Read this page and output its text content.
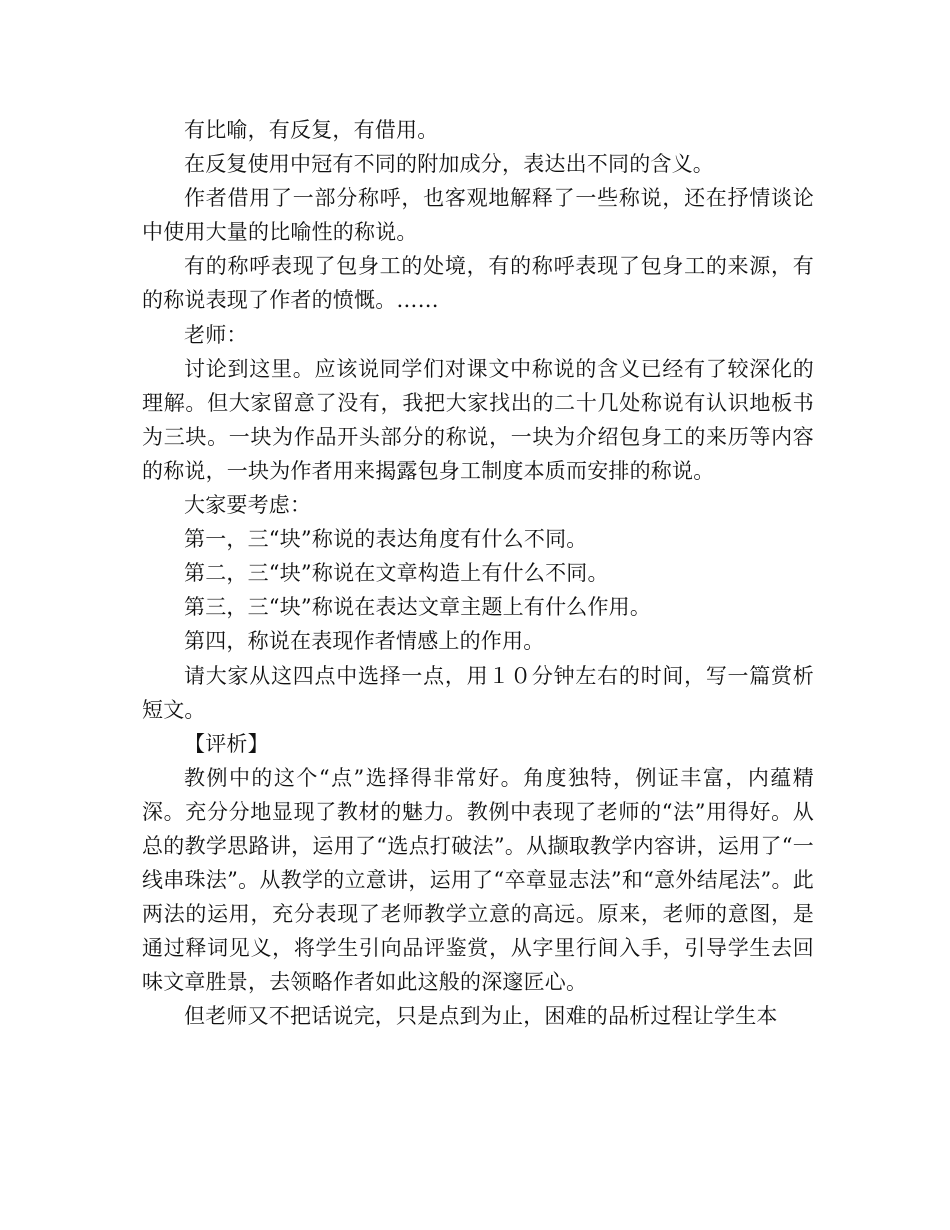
有比喻，有反复，有借用。

在反复使用中冠有不同的附加成分，表达出不同的含义。

作者借用了一部分称呼，也客观地解释了一些称说，还在抒情谈论中使用大量的比喻性的称说。

有的称呼表现了包身工的处境，有的称呼表现了包身工的来源，有的称说表现了作者的愤慨。……

老师：

讨论到这里。应该说同学们对课文中称说的含义已经有了较深化的理解。但大家留意了没有，我把大家找出的二十几处称说有认识地板书为三块。一块为作品开头部分的称说，一块为介绍包身工的来历等内容的称说，一块为作者用来揭露包身工制度本质而安排的称说。

大家要考虑：

第一，三“块”称说的表达角度有什么不同。

第二，三“块”称说在文章构造上有什么不同。

第三，三“块”称说在表达文章主题上有什么作用。

第四，称说在表现作者情感上的作用。

请大家从这四点中选择一点，用１０分钟左右的时间，写一篇赏析短文。

【评析】

教例中的这个“点”选择得非常好。角度独特，例证丰富，内蕴精深。充分分地显现了教材的魅力。教例中表现了老师的“法”用得好。从总的教学思路讲，运用了“选点打破法”。从撷取教学内容讲，运用了“一线串珠法”。从教学的立意讲，运用了“卒章显志法”和“意外结尾法”。此两法的运用，充分表现了老师教学立意的高远。原来，老师的意图，是通过释词见义，将学生引向品评鉴赏，从字里行间入手，引导学生去回味文章胜景，去领略作者如此这般的深邃匠心。

但老师又不把话说完，只是点到为止，困难的品析过程让学生本
